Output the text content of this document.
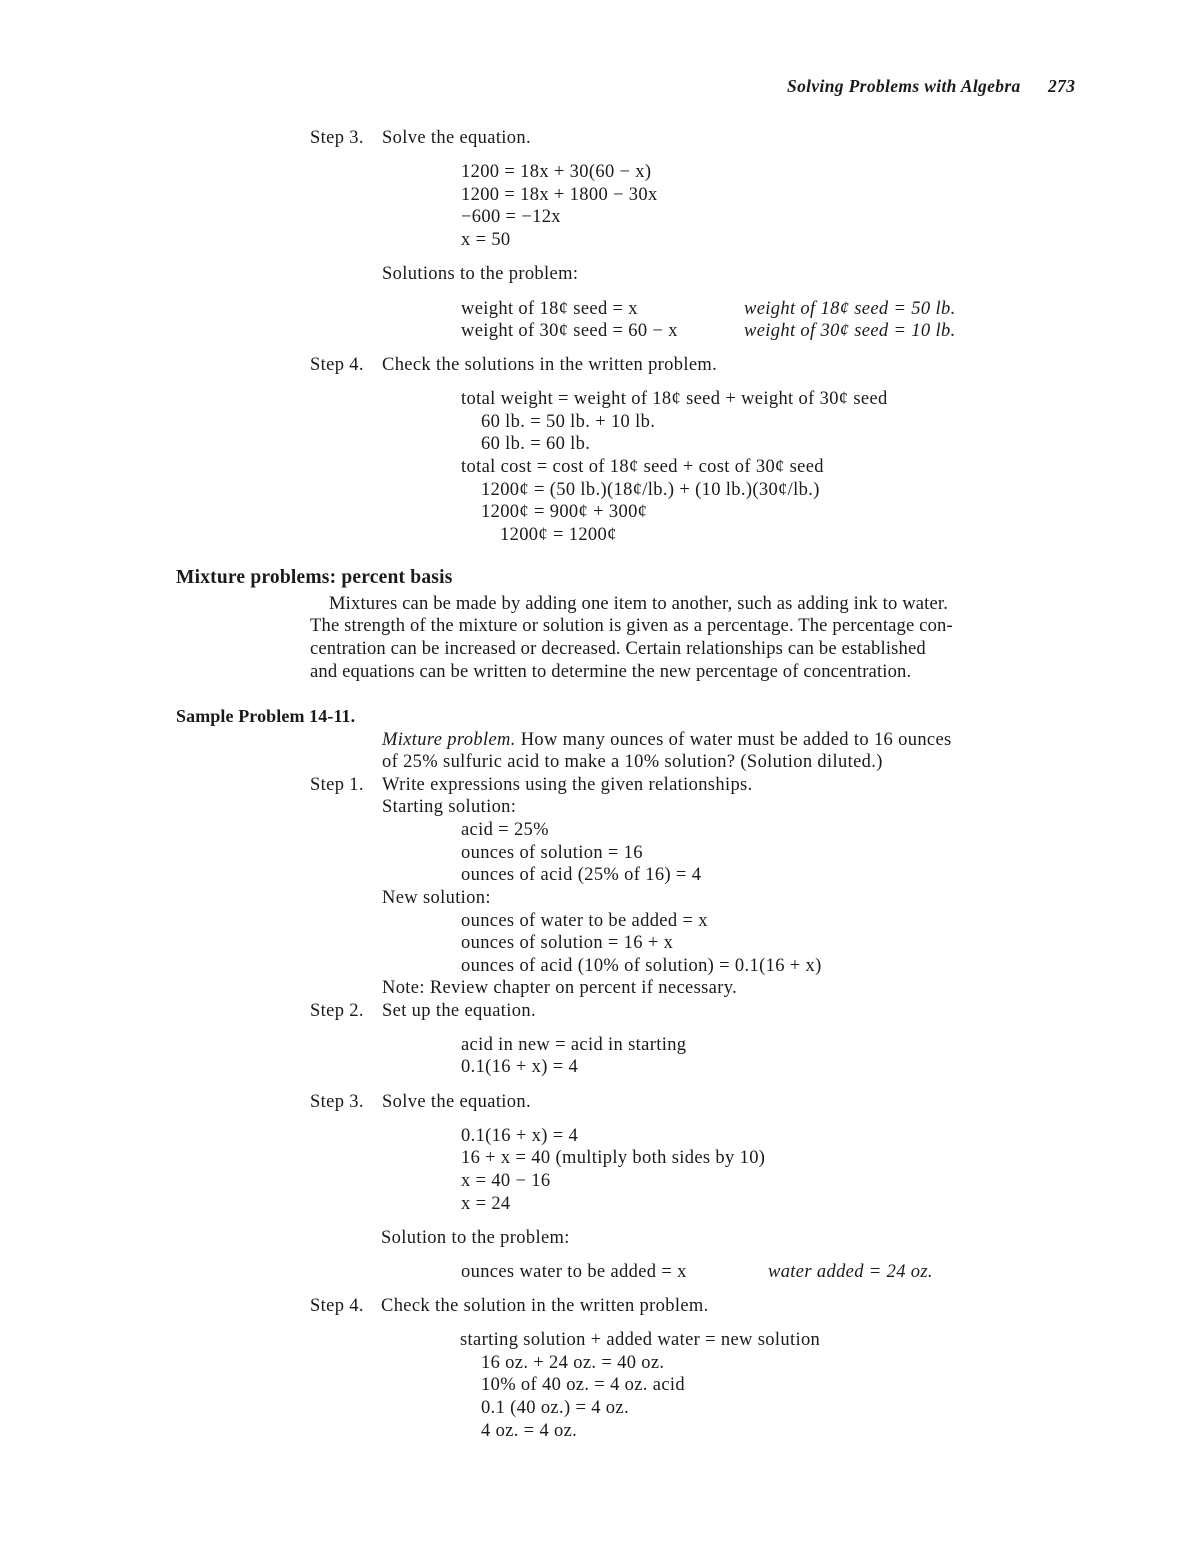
Solving Problems with Algebra 273
Step 3. Solve the equation.
1200 = 18x + 30(60 − x)
1200 = 18x + 1800 − 30x
−600 = −12x
x = 50
Solutions to the problem:
weight of 18¢ seed = x	weight of 18¢ seed = 50 lb.
weight of 30¢ seed = 60 − x	weight of 30¢ seed = 10 lb.
Step 4. Check the solutions in the written problem.
total weight = weight of 18¢ seed + weight of 30¢ seed
60 lb. = 50 lb. + 10 lb.
60 lb. = 60 lb.
total cost = cost of 18¢ seed + cost of 30¢ seed
1200¢ = (50 lb.)(18¢/lb.) + (10 lb.)(30¢/lb.)
1200¢ = 900¢ + 300¢
1200¢ = 1200¢
Mixture problems: percent basis
Mixtures can be made by adding one item to another, such as adding ink to water.
The strength of the mixture or solution is given as a percentage. The percentage con-
centration can be increased or decreased. Certain relationships can be established
and equations can be written to determine the new percentage of concentration.
Sample Problem 14-11.
Mixture problem. How many ounces of water must be added to 16 ounces
of 25% sulfuric acid to make a 10% solution? (Solution diluted.)
Step 1. Write expressions using the given relationships.
Starting solution:
acid = 25%
ounces of solution = 16
ounces of acid (25% of 16) = 4
New solution:
ounces of water to be added = x
ounces of solution = 16 + x
ounces of acid (10% of solution) = 0.1(16 + x)
Note: Review chapter on percent if necessary.
Step 2. Set up the equation.
acid in new = acid in starting
0.1(16 + x) = 4
Step 3. Solve the equation.
0.1(16 + x) = 4
16 + x = 40 (multiply both sides by 10)
x = 40 − 16
x = 24
Solution to the problem:
ounces water to be added = x	water added = 24 oz.
Step 4. Check the solution in the written problem.
starting solution + added water = new solution
16 oz. + 24 oz. = 40 oz.
10% of 40 oz. = 4 oz. acid
0.1 (40 oz.) = 4 oz.
4 oz. = 4 oz.
